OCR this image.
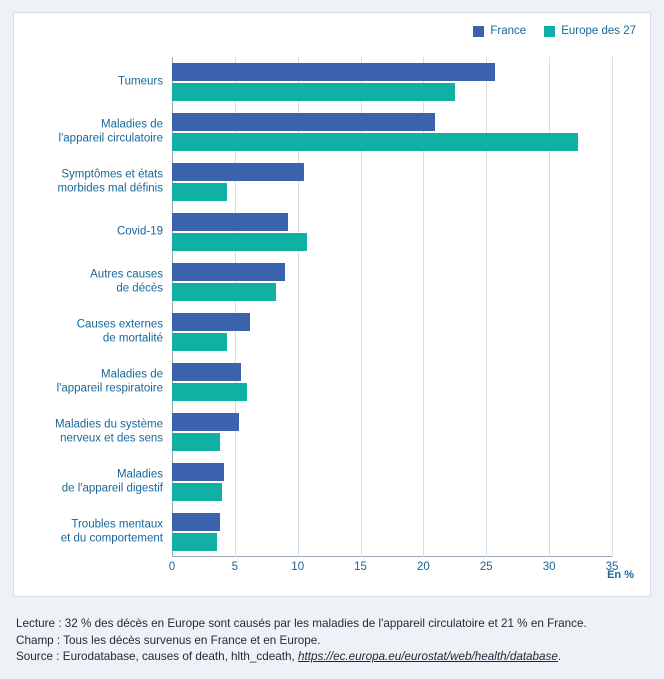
France	Europe des 27
0	5	10	15	20	25	30	35
Tumeurs
Maladies de
l'appareil circulatoire
Symptômes et états
morbides mal définis
Covid-19
Autres causes
de décès
Causes externes
de mortalité
Maladies de
l'appareil respiratoire
Maladies du système
nerveux et des sens
Maladies
de l'appareil digestif
Troubles mentaux
et du comportement
En %
Lecture : 32 % des décès en Europe sont causés par les maladies de l'appareil circulatoire et 21 % en France.
Champ : Tous les décès survenus en France et en Europe.
Source : Eurodatabase, causes of death, hlth_cdeath, https://ec.europa.eu/eurostat/web/health/database.
